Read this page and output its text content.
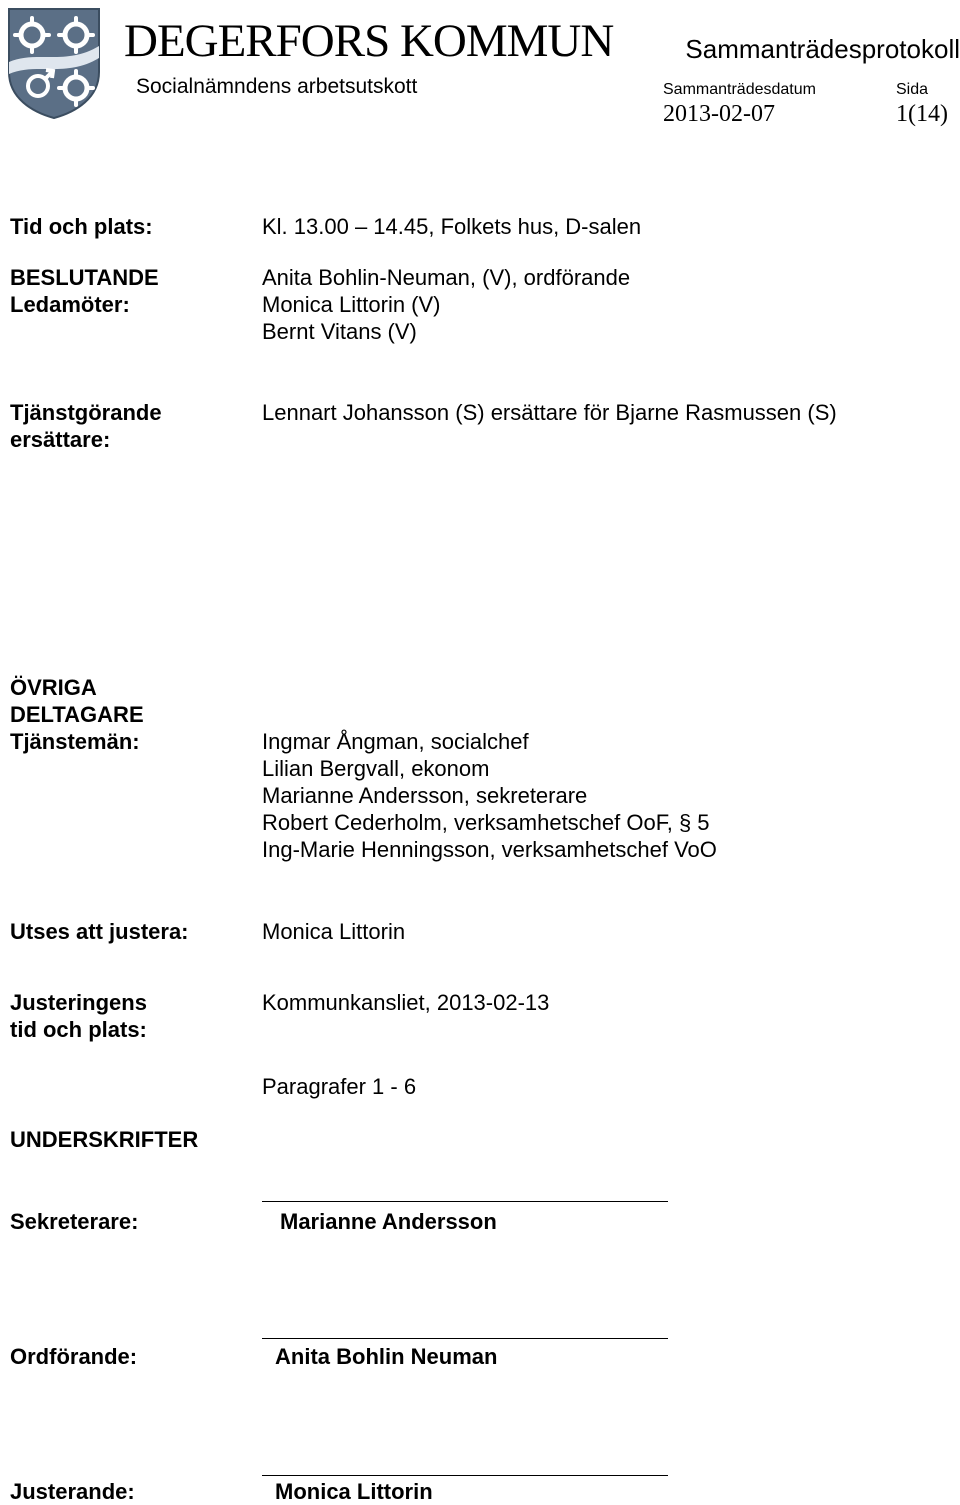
DEGERFORS KOMMUN
Socialnämndens arbetsutskott
Sammanträdesprotokoll
Sammanträdesdatum	Sida
2013-02-07	1(14)
Tid och plats:	Kl. 13.00 – 14.45, Folkets hus, D-salen
BESLUTANDE
Ledamöter:
Anita Bohlin-Neuman, (V), ordförande
Monica Littorin (V)
Bernt Vitans (V)
Tjänstgörande
ersättare:
Lennart Johansson (S) ersättare för Bjarne Rasmussen (S)
ÖVRIGA
DELTAGARE
Tjänstemän:	Ingmar Ångman, socialchef
Lilian Bergvall, ekonom
Marianne Andersson, sekreterare
Robert Cederholm, verksamhetschef OoF, § 5
Ing-Marie Henningsson, verksamhetschef VoO
Utses att justera:	Monica Littorin
Justeringens
tid och plats:
Kommunkansliet, 2013-02-13
Paragrafer 1 - 6
UNDERSKRIFTER
Sekreterare:	Marianne Andersson
Ordförande:	Anita Bohlin Neuman
Justerande:	Monica Littorin
